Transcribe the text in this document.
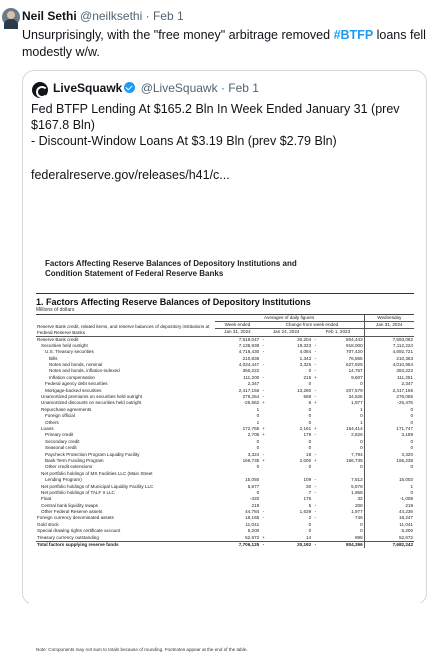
Neil Sethi @neilksethi · Feb 1
Unsurprisingly, with the "free money" arbitrage removed #BTFP loans fell modestly w/w.
LiveSquawk @LiveSquawk · Feb 1

Fed BTFP Lending At $165.2 Bln In Week Ended January 31 (prev $167.8 Bln)

- Discount-Window Loans At $3.19 Bln (prev $2.79 Bln)

federalreserve.gov/releases/h41/c...

Factors Affecting Reserve Balances of Depository Institutions and
Condition Statement of Federal Reserve Banks
1. Factors Affecting Reserve Balances of Depository Institutions
Millions of dollars
Reserve Bank credit, related items, and reserve balances of depository institutions at Federal Reserve Banks	Averages of daily figures					Wednesday
	Week ended	Change from week ended				Jan 31, 2024
	Jan 31, 2024	Jan 24, 2024		Feb 1, 2023		
Reserve Bank credit	7,619,047	-	20,204	-	804,443	7,593,082
Securities held outright	7,135,938	-	19,323	-	918,000	7,112,224
U.S. Treasury securities	4,716,430	-	4,084	-	707,420	4,692,721
Bills	210,836		1,343	-	76,865	210,363
Notes and bonds, nominal	4,034,447	-	3,325	-	627,925	4,010,954
Notes and bonds, inflation-indexed	360,222		0	-	14,757	363,222
Inflation compensation	111,200	-	215	+	9,607	111,251
Federal agency debt securities	2,347		0		0	2,347
Mortgage-backed securities	2,417,156	-	13,260	-	207,579	2,417,156
Unamortized premiums on securities held outright	276,254	-	569	-	34,526	276,055
Unamortized discounts on securities held outright	-25,562	+	6	+	1,977	-25,476
Repurchase agreements	1		0		1	0
Foreign official	0		0		0	0
Others	1		0		1	0
Loans	172,765	+	2,161	+	154,414	171,747
Primary credit	2,706	+	179	-	2,826	3,189
Secondary credit	0		0		0	0
Seasonal credit	0		0		0	0
Paycheck Protection Program Liquidity Facility	3,324	-	18	-	7,794	3,320
Bank Term Funding Program	166,735	+	2,000	+	166,735	165,238
Other credit extensions	0		0		0	0
Net portfolio holdings of MS Facilities LLC (Main Street						
Lending Program)	15,050		109	-	7,512	15,003
Net portfolio holdings of Municipal Liquidity Facility LLC	5,877		30	-	5,578	1
Net portfolio holdings of TALF II LLC	0		7	-	1,958	0
Float	-420		175		33	-1,008
Central bank liquidity swaps	219		5	-	208	219
Other Federal Reserve assets	44,784	-	1,639	-	1,977	44,236
Foreign currency denominated assets	18,165	-	2	-	746	18,247
Gold stock	11,041		0		0	11,041
Special drawing rights certificate account	5,200		0		0	5,200
Treasury currency outstanding	52,672	+	14		898	52,672
Total factors supplying reserve funds	7,706,125	-	20,192	-	804,396	7,682,242
Note: Components may not sum to totals because of rounding. Footnotes appear at the end of the table.
